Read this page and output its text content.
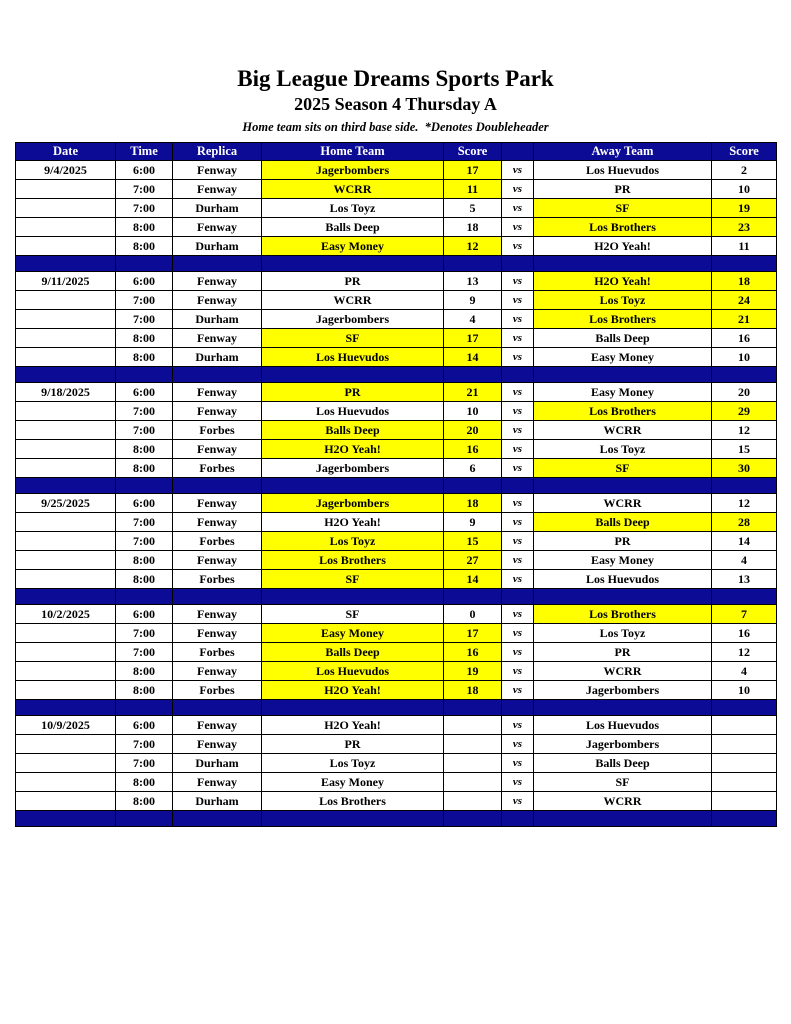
Big League Dreams Sports Park
2025 Season 4 Thursday A
Home team sits on third base side.  *Denotes Doubleheader
Date	Time	Replica	Home Team	Score		Away Team	Score
9/4/2025	6:00	Fenway	Jagerbombers	17	vs	Los Huevudos	2
	7:00	Fenway	WCRR	11	vs	PR	10
	7:00	Durham	Los Toyz	5	vs	SF	19
	8:00	Fenway	Balls Deep	18	vs	Los Brothers	23
	8:00	Durham	Easy Money	12	vs	H2O Yeah!	11

9/11/2025	6:00	Fenway	PR	13	vs	H2O Yeah!	18
	7:00	Fenway	WCRR	9	vs	Los Toyz	24
	7:00	Durham	Jagerbombers	4	vs	Los Brothers	21
	8:00	Fenway	SF	17	vs	Balls Deep	16
	8:00	Durham	Los Huevudos	14	vs	Easy Money	10

9/18/2025	6:00	Fenway	PR	21	vs	Easy Money	20
	7:00	Fenway	Los Huevudos	10	vs	Los Brothers	29
	7:00	Forbes	Balls Deep	20	vs	WCRR	12
	8:00	Fenway	H2O Yeah!	16	vs	Los Toyz	15
	8:00	Forbes	Jagerbombers	6	vs	SF	30

9/25/2025	6:00	Fenway	Jagerbombers	18	vs	WCRR	12
	7:00	Fenway	H2O Yeah!	9	vs	Balls Deep	28
	7:00	Forbes	Los Toyz	15	vs	PR	14
	8:00	Fenway	Los Brothers	27	vs	Easy Money	4
	8:00	Forbes	SF	14	vs	Los Huevudos	13

10/2/2025	6:00	Fenway	SF	0	vs	Los Brothers	7
	7:00	Fenway	Easy Money	17	vs	Los Toyz	16
	7:00	Forbes	Balls Deep	16	vs	PR	12
	8:00	Fenway	Los Huevudos	19	vs	WCRR	4
	8:00	Forbes	H2O Yeah!	18	vs	Jagerbombers	10

10/9/2025	6:00	Fenway	H2O Yeah!		vs	Los Huevudos	
	7:00	Fenway	PR		vs	Jagerbombers	
	7:00	Durham	Los Toyz		vs	Balls Deep	
	8:00	Fenway	Easy Money		vs	SF	
	8:00	Durham	Los Brothers		vs	WCRR	
